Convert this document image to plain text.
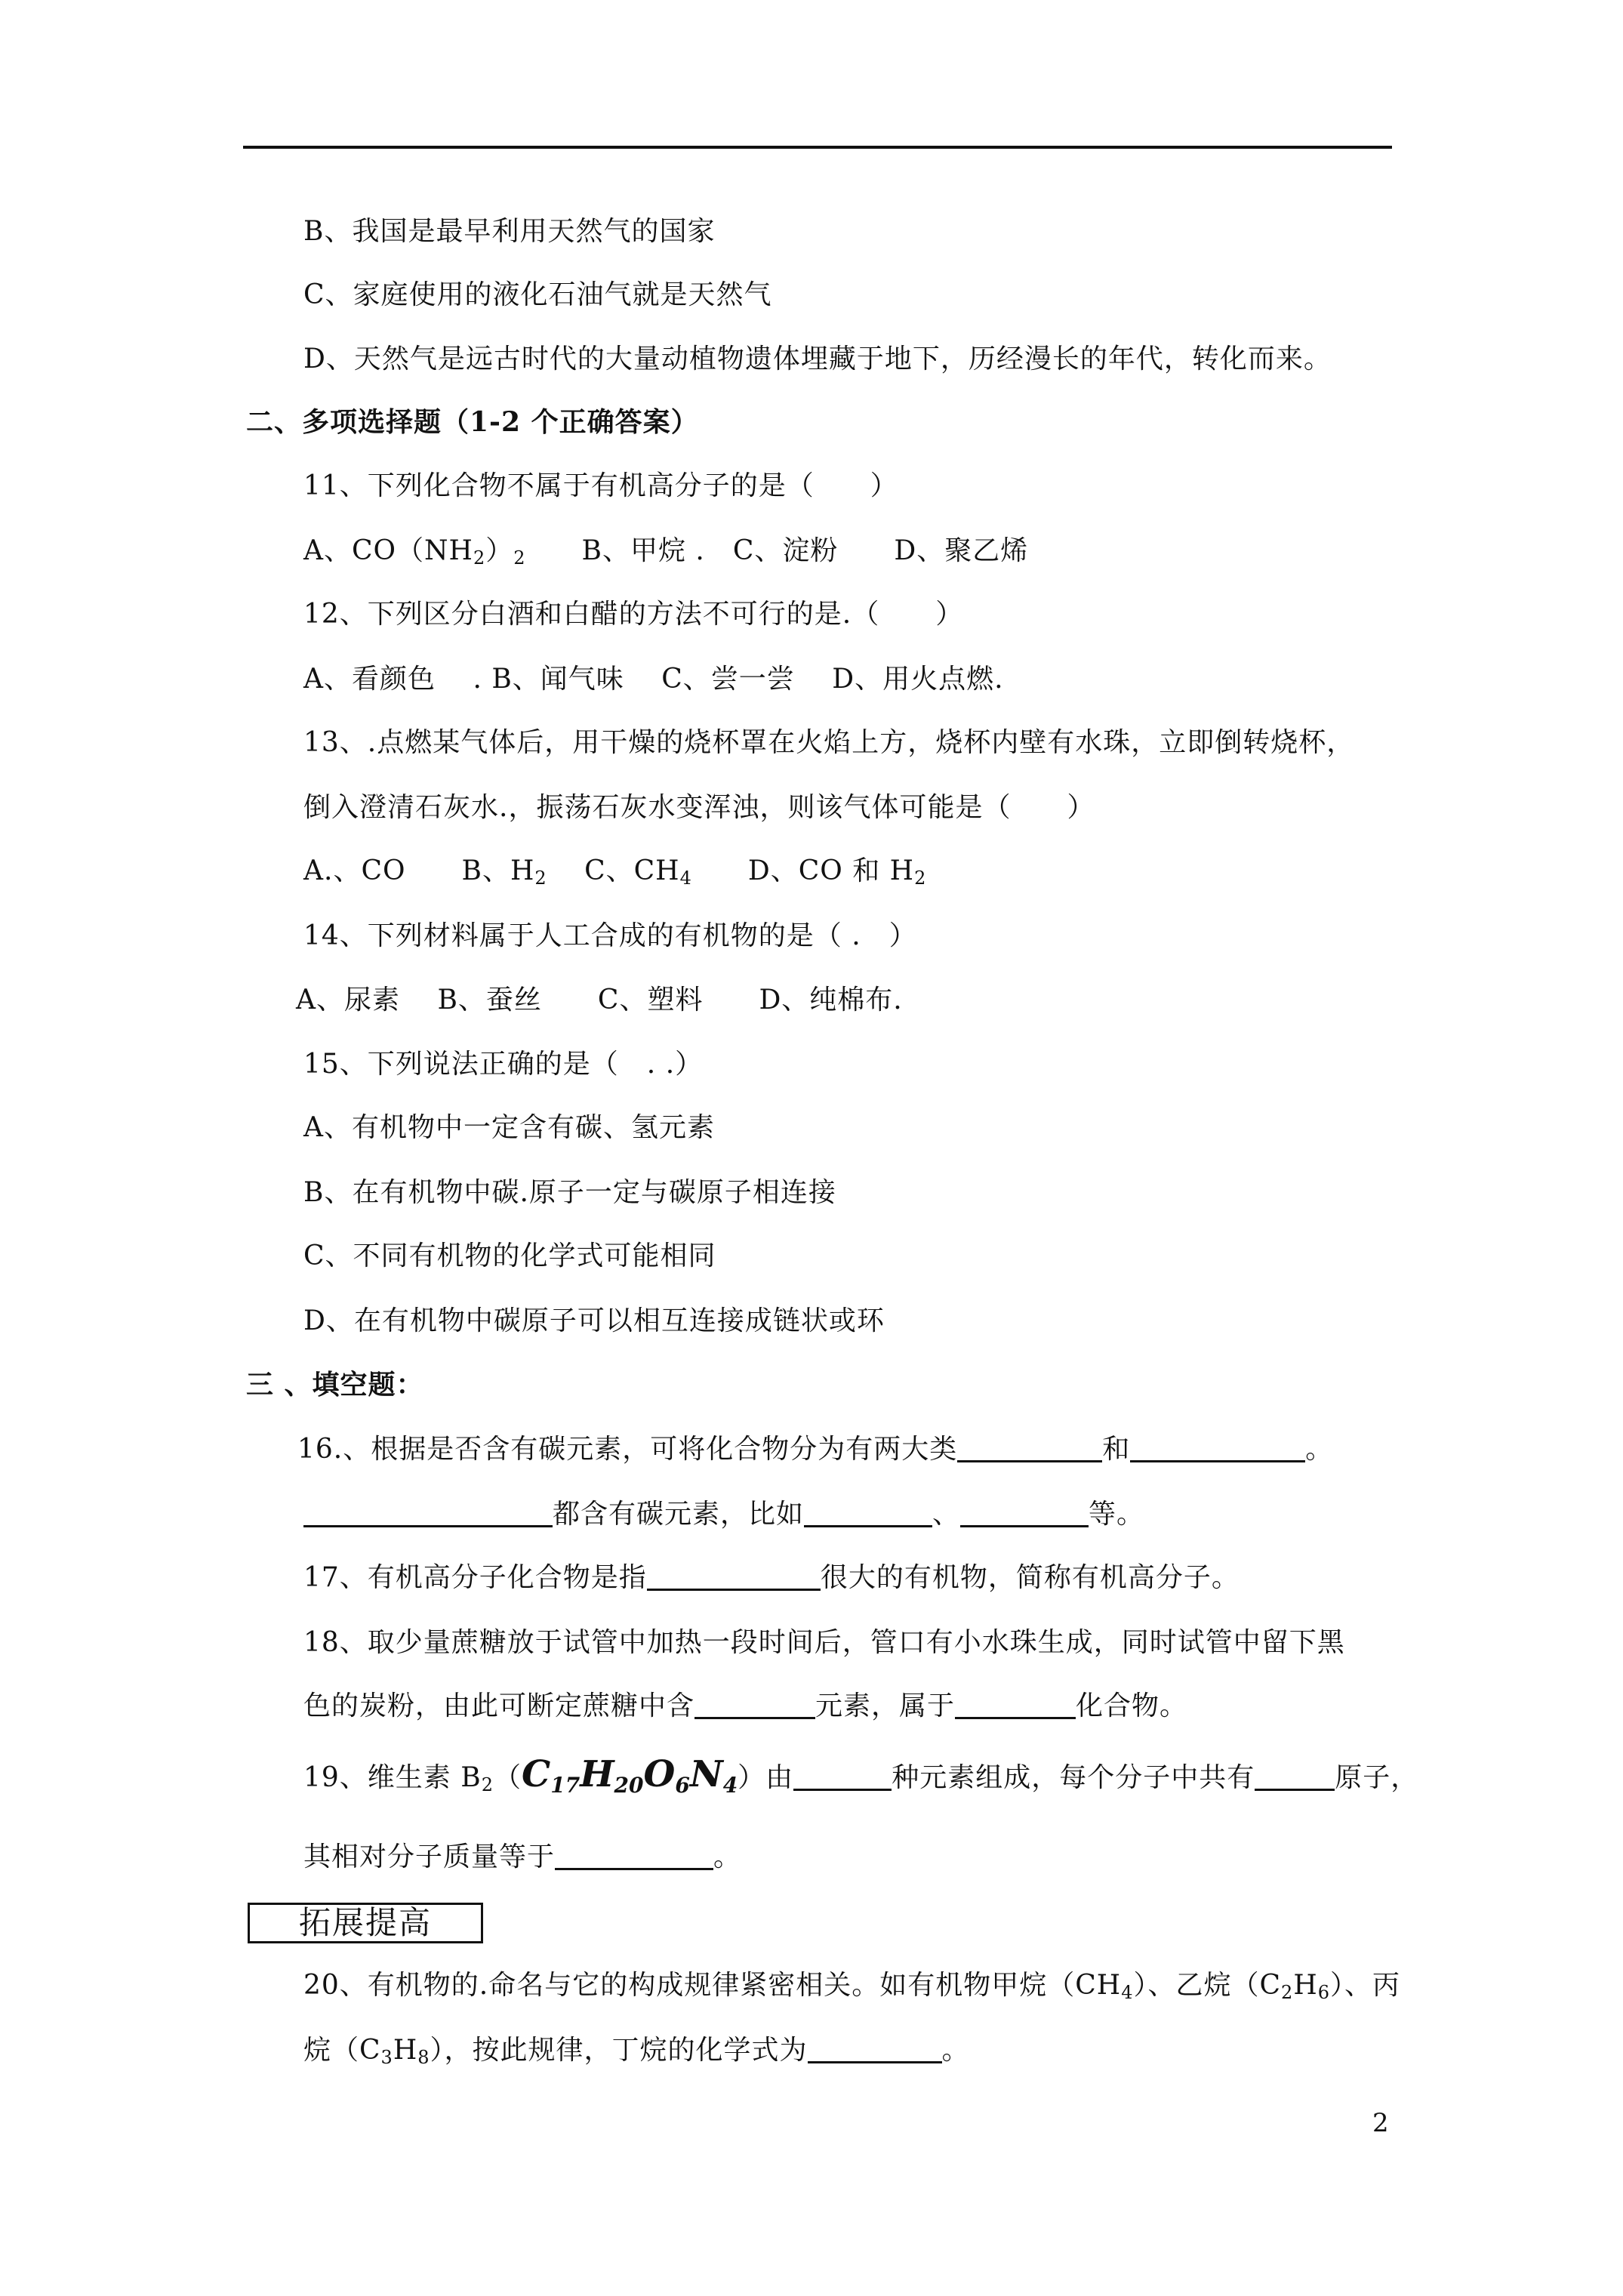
B、我国是最早利用天然气的国家
C、家庭使用的液化石油气就是天然气
D、天然气是远古时代的大量动植物遗体埋藏于地下，历经漫长的年代，转化而来。
二、多项选择题（1-2 个正确答案）
11、下列化合物不属于有机高分子的是（　　）
A、$CO(NH_2)_2$　　B、甲烷 .　C、淀粉　　D、聚乙烯
12、下列区分白酒和白醋的方法不可行的是.（　　）
A、看颜色　 . B、闻气味　 C、尝一尝　 D、用火点燃.
13、.点燃某气体后，用干燥的烧杯罩在火焰上方，烧杯内壁有水珠，立即倒转烧杯，
倒入澄清石灰水.，振荡石灰水变浑浊，则该气体可能是（　　）
A.、CO　　B、$H_2$　 C、$CH_4$　　D、CO 和 $H_2$
14、下列材料属于人工合成的有机物的是（ .　）
A、尿素　 B、蚕丝　　C、塑料　　D、纯棉布.
15、下列说法正确的是（　. .）
A、有机物中一定含有碳、氢元素
B、在有机物中碳.原子一定与碳原子相连接
C、不同有机物的化学式可能相同
D、在有机物中碳原子可以相互连接成链状或环
三 、填空题：
16.、根据是否含有碳元素，可将化合物分为有两大类	和	。
都含有碳元素，比如	、	等。
17、有机高分子化合物是指	很大的有机物，简称有机高分子。
18、取少量蔗糖放于试管中加热一段时间后，管口有小水珠生成，同时试管中留下黑
色的炭粉，由此可断定蔗糖中含	元素，属于	化合物。
19、维生素 $B_2(C_{17}H_{20}O_6N_4)$由	种元素组成，每个分子中共有	原子，
其相对分子质量等于	。
拓展提高
20、有机物的.命名与它的构成规律紧密相关。如有机物甲烷$(CH_4)$、乙烷$(C_2H_6)$、丙
烷$(C_3H_8)$，按此规律，丁烷的化学式为	。
2
